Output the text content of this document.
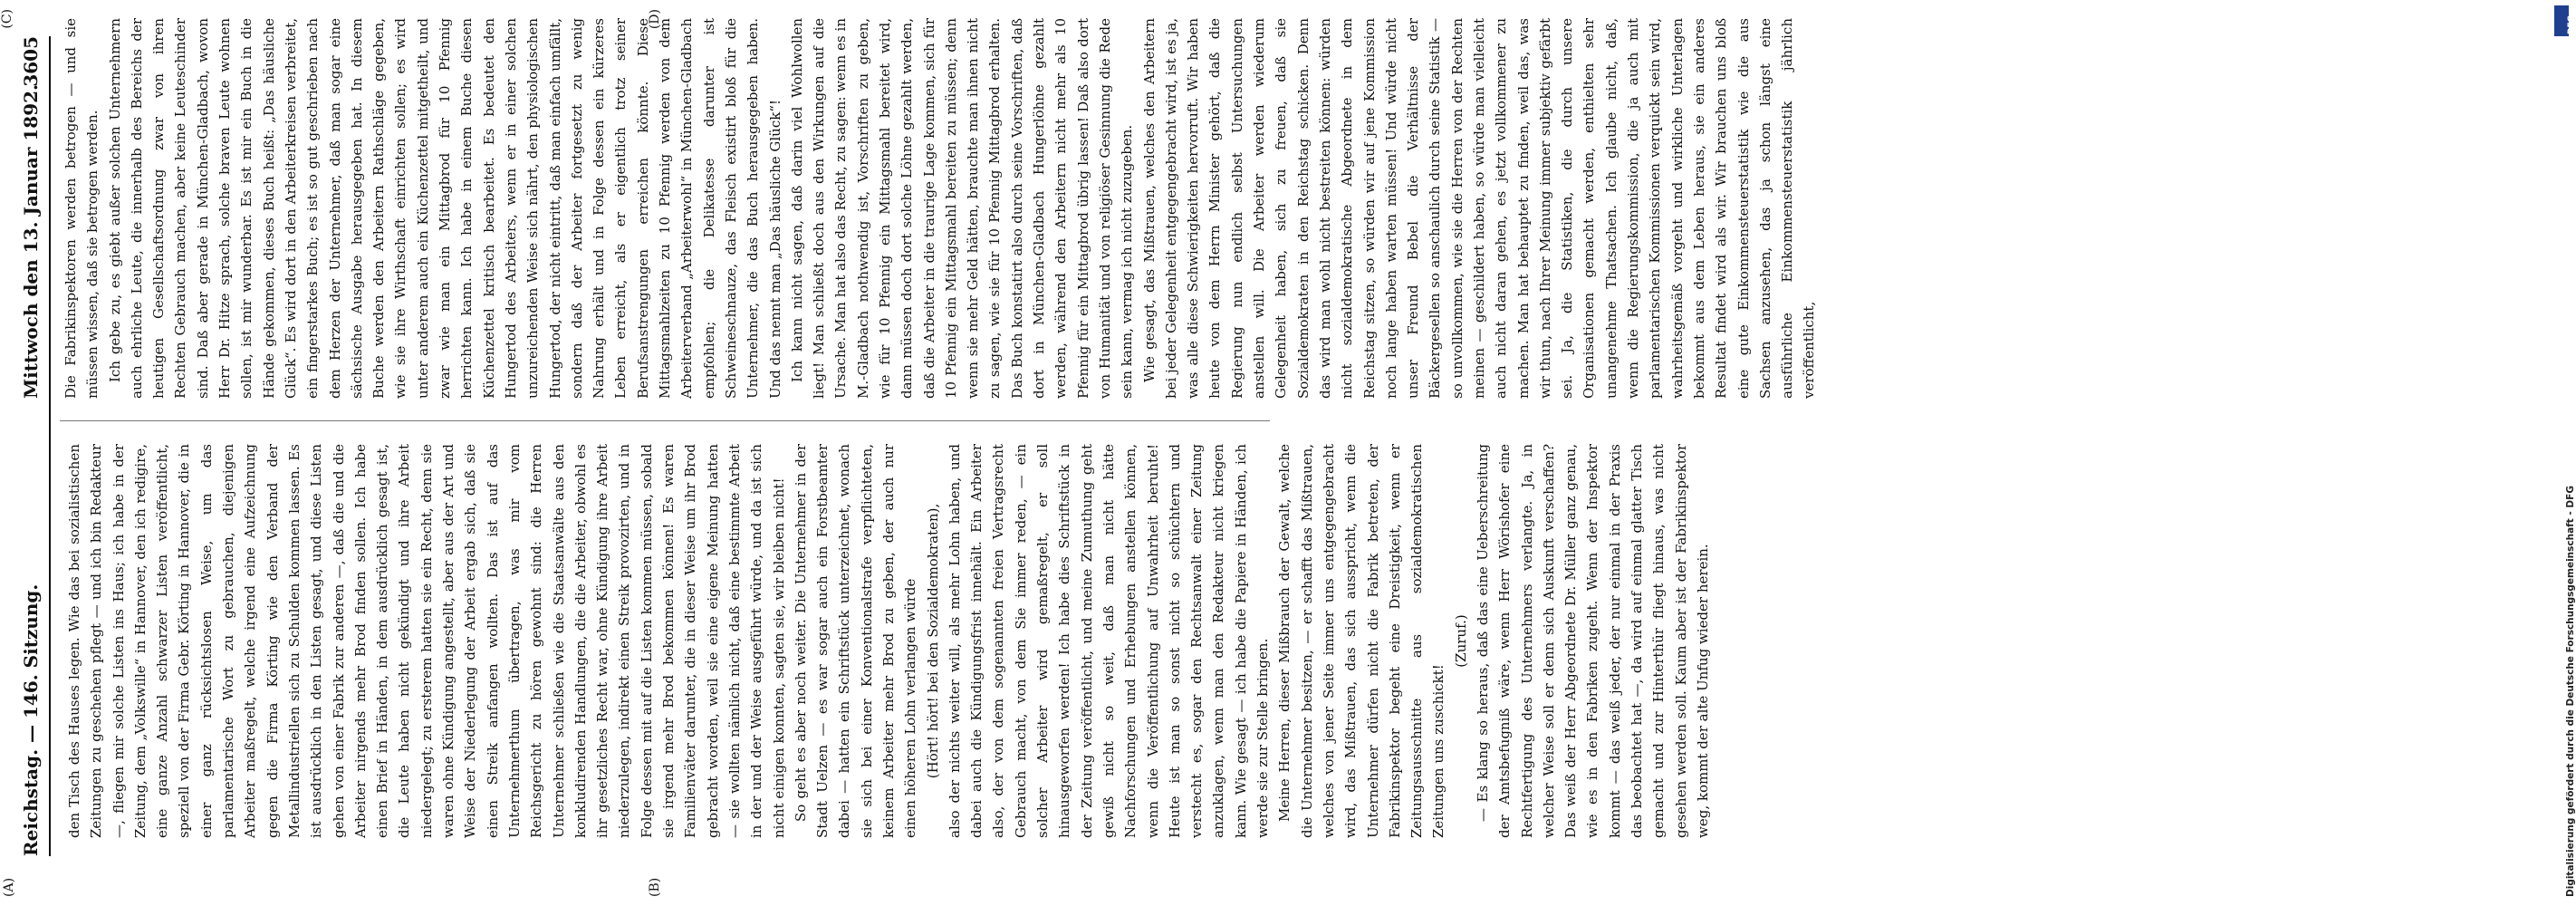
Reichstag. — 146. Sitzung.
3605
Mittwoch den 13. Januar 1892.
(A)	(B)
(C)	(D)

den Tisch des Hauses legen. Wie das bei sozialistischen Zeitungen zu geschehen pflegt — und ich bin Redakteur —, fliegen mir solche Listen ins Haus; ich habe in der Zeitung, dem „Volkswille“ in Hannover, den ich redigire, eine ganze Anzahl schwarzer Listen veröffentlicht, speziell von der Firma Gebr. Körting in Hannover, die in einer ganz rücksichtslosen Weise, um das parlamentarische Wort zu gebrauchen, diejenigen Arbeiter maßregelt, welche irgend eine Aufzeichnung gegen die Firma Körting wie den Verband der Metallindustriellen sich zu Schulden kommen lassen. Es ist ausdrücklich in den Listen gesagt, und diese Listen gehen von einer Fabrik zur anderen —, daß die und die Arbeiter nirgends mehr Brod finden sollen. Ich habe einen Brief in Händen, in dem ausdrücklich gesagt ist, die Leute haben nicht gekündigt und ihre Arbeit niedergelegt; zu ersterem hatten sie ein Recht, denn sie waren ohne Kündigung angestellt, aber aus der Art und Weise der Niederlegung der Arbeit ergab sich, daß sie einen Streik anfangen wollten. Das ist auf das Unternehmerthum übertragen, was mir vom Reichsgericht zu hören gewohnt sind: die Herren Unternehmer schließen wie die Staatsanwälte aus den konkludirenden Handlungen, die die Arbeiter, obwohl es ihr gesetzliches Recht war, ohne Kündigung ihre Arbeit niederzulegen, indirekt einen Streik provozirten, und in Folge dessen mit auf die Listen kommen müssen, sobald sie irgend mehr Brod bekommen können! Es waren Familienväter darunter, die in dieser Weise um ihr Brod gebracht worden, weil sie eine eigene Meinung hatten — sie wollten nämlich nicht, daß eine bestimmte Arbeit in der und der Weise ausgeführt würde, und da ist sich nicht einigen konnten, sagten sie, wir bleiben nicht! So geht es aber noch weiter. Die Unternehmer in der Stadt Uelzen — es war sogar auch ein Forstbeamter dabei — hatten ein Schriftstück unterzeichnet, wonach sie sich bei einer Konventionalstrafe verpflichteten, keinem Arbeiter mehr Brod zu geben, der auch nur einen höheren Lohn verlangen würde (Hört! hört! bei den Sozialdemokraten), also der nichts weiter will, als mehr Lohn haben, und dabei auch die Kündigungsfrist innehält. Ein Arbeiter also, der von dem sogenannten freien Vertragsrecht Gebrauch macht, von dem Sie immer reden, — ein solcher Arbeiter wird gemaßregelt, er soll hinausgeworfen werden! Ich habe dies Schriftstück in der Zeitung veröffentlicht, und meine Zumuthung geht gewiß nicht so weit, daß man nicht hätte Nachforschungen und Erhebungen anstellen können, wenn die Veröffentlichung auf Unwahrheit beruhte! Heute ist man so sonst nicht so schüchtern und verstecht es, sogar den Rechtsanwalt einer Zeitung anzuklagen, wenn man den Redakteur nicht kriegen kann. Wie gesagt — ich habe die Papiere in Händen, ich werde sie zur Stelle bringen. Meine Herren, dieser Mißbrauch der Gewalt, welche die Unternehmer besitzen, — er schafft das Mißtrauen, welches von jener Seite immer uns entgegengebracht wird, das Mißtrauen, das sich ausspricht, wenn die Unternehmer dürfen nicht die Fabrik betreten, der Fabrikinspektor begeht eine Dreistigkeit, wenn er Zeitungsausschnitte aus sozialdemokratischen Zeitungen uns zuschickt!

(Zuruf.) — Es klang so heraus, daß das eine Ueberschreitung der Amtsbefugniß wäre, wenn Herr Wörishofer eine Rechtfertigung des Unternehmers verlangte. Ja, in welcher Weise soll er denn sich Auskunft verschaffen? Das weiß der Herr Abgeordnete Dr. Müller ganz genau, wie es in den Fabriken zugeht. Wenn der Inspektor kommt — das weiß jeder, der nur einmal in der Praxis das beobachtet hat —, da wird auf einmal glatter Tisch gemacht und zur Hinterthür fliegt hinaus, was nicht gesehen werden soll. Kaum aber ist der Fabrikinspektor weg, kommt der alte Unfug wieder herein.

Die Fabrikinspektoren werden betrogen — und sie müssen wissen, daß sie betrogen werden. Ich gebe zu, es giebt außer solchen Unternehmern auch ehrliche Leute, die innerhalb des Bereichs der heutigen Gesellschaftsordnung zwar von ihren Rechten Gebrauch machen, aber keine Leuteschinder sind. Daß aber gerade in München-Gladbach, wovon Herr Dr. Hitze sprach, solche braven Leute wohnen sollen, ist mir wunderbar. Es ist mir ein Buch in die Hände gekommen, dieses Buch heißt: „Das häusliche Glück“. Es wird dort in den Arbeiterkreisen verbreitet, ein fingerstarkes Buch; es ist so gut geschrieben nach dem Herzen der Unternehmer, daß man sogar eine sächsische Ausgabe herausgegeben hat. In diesem Buche werden den Arbeitern Rathschläge gegeben, wie sie ihre Wirthschaft einrichten sollen; es wird unter anderem auch ein Küchenzettel mitgetheilt, und zwar wie man ein Mittagbrod für 10 Pfennig herrichten kann. Ich habe in einem Buche diesen Küchenzettel kritisch bearbeitet. Es bedeutet den Hungertod des Arbeiters, wenn er in einer solchen unzureichenden Weise sich nährt, den physiologischen Hungertod, der nicht eintritt, daß man einfach umfällt, sondern daß der Arbeiter fortgesetzt zu wenig Nahrung erhält und in Folge dessen ein kürzeres Leben erreicht, als er eigentlich trotz seiner Berufsanstrengungen erreichen könnte. Diese Mittagsmahlzeiten zu 10 Pfennig werden von dem Arbeiterverband „Arbeiterwohl“ in München-Gladbach empfohlen; die Delikatesse darunter ist Schweineschnauze, das Fleisch existirt bloß für die Unternehmer, die das Buch herausgegeben haben. Und das nennt man „Das häusliche Glück“! Ich kann nicht sagen, daß darin viel Wohlwollen liegt! Man schließt doch aus den Wirkungen auf die Ursache. Man hat also das Recht, zu sagen: wenn es in M.-Gladbach nothwendig ist, Vorschriften zu geben, wie für 10 Pfennig ein Mittagsmahl bereitet wird, dann müssen doch dort solche Löhne gezahlt werden, daß die Arbeiter in die traurige Lage kommen, sich für 10 Pfennig ein Mittagsmahl bereiten zu müssen; denn wenn sie mehr Geld hätten, brauchte man ihnen nicht zu sagen, wie sie für 10 Pfennig Mittagbrod erhalten. Das Buch konstatirt also durch seine Vorschriften, daß dort in München-Gladbach Hungerlöhne gezahlt werden, während den Arbeitern nicht mehr als 10 Pfennig für ein Mittagbrod übrig lassen! Daß also dort von Humanität und von religiöser Gesinnung die Rede sein kann, vermag ich nicht zuzugeben. Wie gesagt, das Mißtrauen, welches den Arbeitern bei jeder Gelegenheit entgegengebracht wird, ist es ja, was alle diese Schwierigkeiten hervorruft. Wir haben heute von dem Herrn Minister gehört, daß die Regierung nun endlich selbst Untersuchungen anstellen will. Die Arbeiter werden wiederum Gelegenheit haben, sich zu freuen, daß sie Sozialdemokraten in den Reichstag schicken. Denn das wird man wohl nicht bestreiten können: würden nicht sozialdemokratische Abgeordnete in dem Reichstag sitzen, so würden wir auf jene Kommission noch lange haben warten müssen! Und würde nicht unser Freund Bebel die Verhältnisse der Bäckergesellen so anschaulich durch seine Statistik — so unvollkommen, wie sie die Herren von der Rechten meinen — geschildert haben, so würde man vielleicht auch nicht daran gehen, es jetzt vollkommener zu machen. Man hat behauptet zu finden, weil das, was wir thun, nach Ihrer Meinung immer subjektiv gefärbt sei. Ja, die Statistiken, die durch unsere Organisationen gemacht werden, enthielten sehr unangenehme Thatsachen. Ich glaube nicht, daß, wenn die Regierungskommission, die ja auch mit parlamentarischen Kommissionen verquickt sein wird, wahrheitsgemäß vorgeht und wirkliche Unterlagen bekommt aus dem Leben heraus, sie ein anderes Resultat findet wird als wir. Wir brauchen uns bloß eine gute Einkommensteuerstatistik wie die aus Sachsen anzusehen, das ja schon längst eine ausführliche Einkommensteuerstatistik jährlich veröffentlicht,

DFG
Digitalisierung gefördert durch die Deutsche Forschungsgemeinschaft - DFG
